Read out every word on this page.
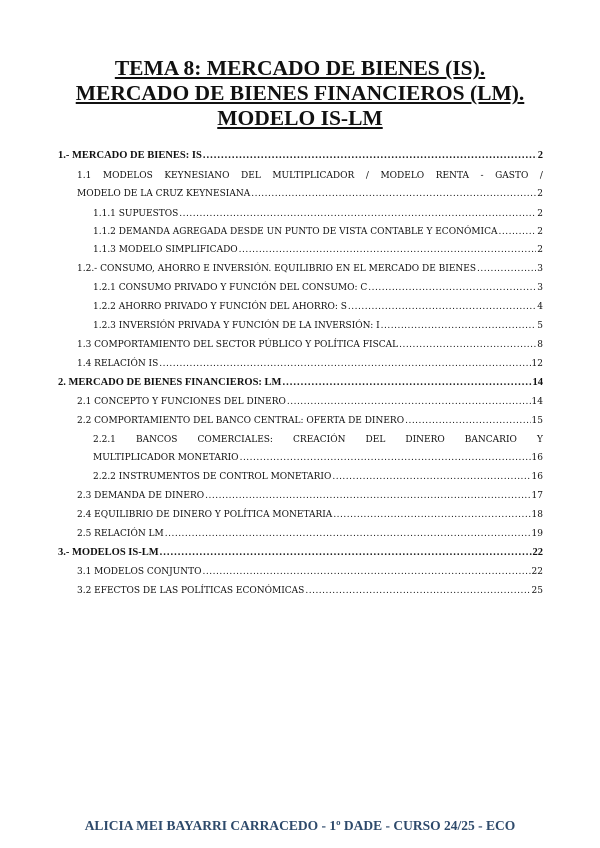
TEMA 8: MERCADO DE BIENES (IS).
MERCADO DE BIENES FINANCIEROS (LM).
MODELO IS-LM
1.- MERCADO DE BIENES: IS .....	2
1.1 MODELOS KEYNESIANO DEL MULTIPLICADOR / MODELO RENTA - GASTO /
MODELO DE LA CRUZ KEYNESIANA .....	2
1.1.1 SUPUESTOS .....	2
1.1.2 DEMANDA AGREGADA DESDE UN PUNTO DE VISTA CONTABLE Y ECONÓMICA .....	2
1.1.3 MODELO SIMPLIFICADO .....	2
1.2.- CONSUMO, AHORRO E INVERSIÓN. EQUILIBRIO EN EL MERCADO DE BIENES .....	3
1.2.1 CONSUMO PRIVADO Y FUNCIÓN DEL CONSUMO: C .....	3
1.2.2 AHORRO PRIVADO Y FUNCIÓN DEL AHORRO: S .....	4
1.2.3 INVERSIÓN PRIVADA Y FUNCIÓN DE LA INVERSIÓN: I .....	5
1.3 COMPORTAMIENTO DEL SECTOR PÚBLICO Y POLÍTICA FISCAL .....	8
1.4 RELACIÓN IS .....	12
2. MERCADO DE BIENES FINANCIEROS: LM .....	14
2.1 CONCEPTO Y FUNCIONES DEL DINERO .....	14
2.2 COMPORTAMIENTO DEL BANCO CENTRAL: OFERTA DE DINERO .....	15
2.2.1 BANCOS COMERCIALES: CREACIÓN DEL DINERO BANCARIO Y
MULTIPLICADOR MONETARIO .....	16
2.2.2 INSTRUMENTOS DE CONTROL MONETARIO .....	16
2.3 DEMANDA DE DINERO .....	17
2.4 EQUILIBRIO DE DINERO Y POLÍTICA MONETARIA .....	18
2.5 RELACIÓN LM .....	19
3.- MODELOS IS-LM .....	22
3.1 MODELOS CONJUNTO .....	22
3.2 EFECTOS DE LAS POLÍTICAS ECONÓMICAS .....	25
ALICIA MEI BAYARRI CARRACEDO - 1º DADE - CURSO 24/25 - ECO
